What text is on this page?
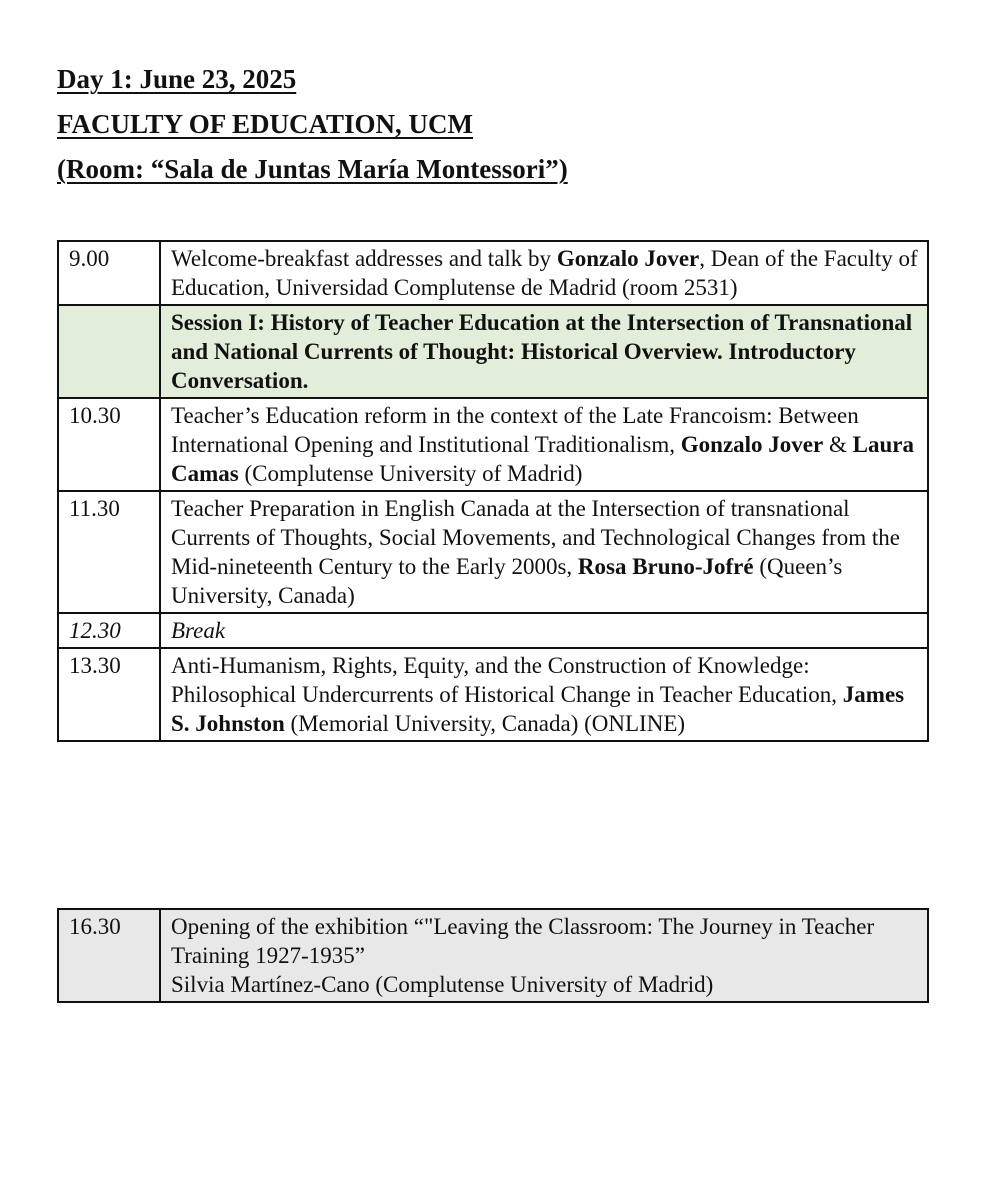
Day 1: June 23, 2025
FACULTY OF EDUCATION, UCM
(Room: “Sala de Juntas María Montessori”)
9.00	Welcome-breakfast addresses and talk by Gonzalo Jover, Dean of the Faculty of Education, Universidad Complutense de Madrid (room 2531)
	Session I: History of Teacher Education at the Intersection of Transnational and National Currents of Thought: Historical Overview. Introductory Conversation.
10.30	Teacher’s Education reform in the context of the Late Francoism: Between International Opening and Institutional Traditionalism, Gonzalo Jover & Laura Camas (Complutense University of Madrid)
11.30	Teacher Preparation in English Canada at the Intersection of transnational Currents of Thoughts, Social Movements, and Technological Changes from the Mid-nineteenth Century to the Early 2000s, Rosa Bruno-Jofré (Queen’s University, Canada)
12.30	Break
13.30	Anti-Humanism, Rights, Equity, and the Construction of Knowledge: Philosophical Undercurrents of Historical Change in Teacher Education, James S. Johnston (Memorial University, Canada) (ONLINE)
16.30	Opening of the exhibition “"Leaving the Classroom: The Journey in Teacher Training 1927-1935”
Silvia Martínez-Cano (Complutense University of Madrid)
